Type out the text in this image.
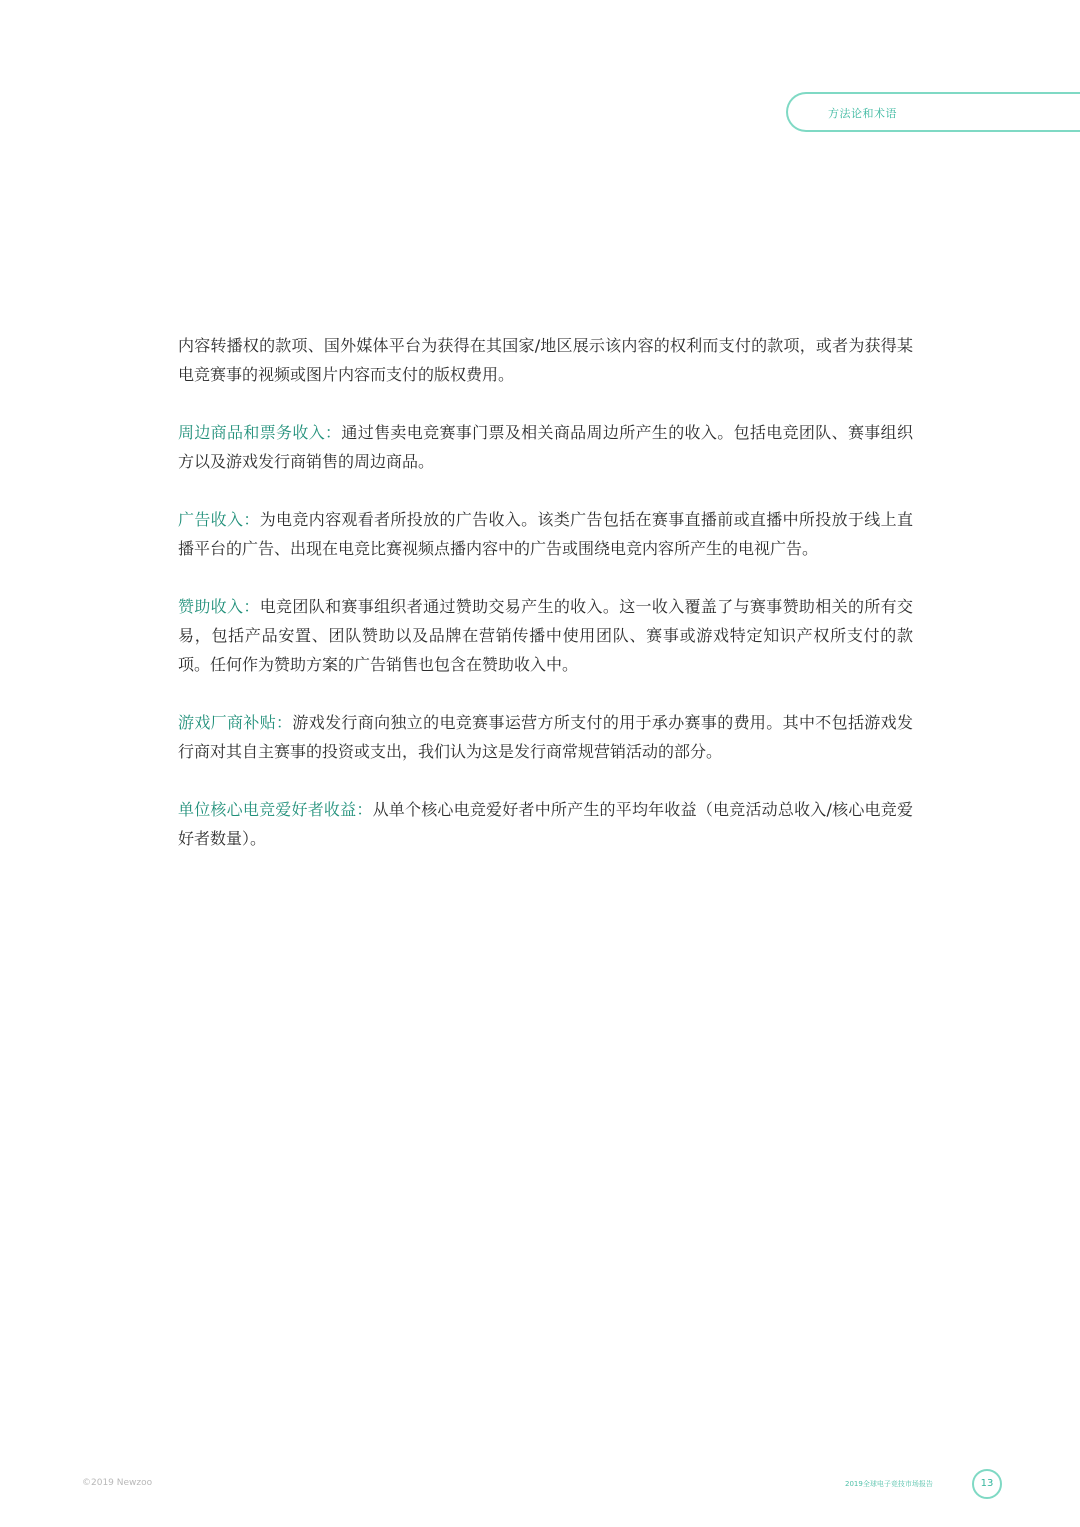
方法论和术语

内容转播权的款项、国外媒体平台为获得在其国家/地区展示该内容的权利而支付的款项，或者为获得某电竞赛事的视频或图片内容而支付的版权费用。

周边商品和票务收入：通过售卖电竞赛事门票及相关商品周边所产生的收入。包括电竞团队、赛事组织方以及游戏发行商销售的周边商品。

广告收入：为电竞内容观看者所投放的广告收入。该类广告包括在赛事直播前或直播中所投放于线上直播平台的广告、出现在电竞比赛视频点播内容中的广告或围绕电竞内容所产生的电视广告。

赞助收入：电竞团队和赛事组织者通过赞助交易产生的收入。这一收入覆盖了与赛事赞助相关的所有交易，包括产品安置、团队赞助以及品牌在营销传播中使用团队、赛事或游戏特定知识产权所支付的款项。任何作为赞助方案的广告销售也包含在赞助收入中。

游戏厂商补贴：游戏发行商向独立的电竞赛事运营方所支付的用于承办赛事的费用。其中不包括游戏发行商对其自主赛事的投资或支出，我们认为这是发行商常规营销活动的部分。

单位核心电竞爱好者收益：从单个核心电竞爱好者中所产生的平均年收益（电竞活动总收入/核心电竞爱好者数量）。

©2019 Newzoo	2019全球电子竞技市场报告	13
